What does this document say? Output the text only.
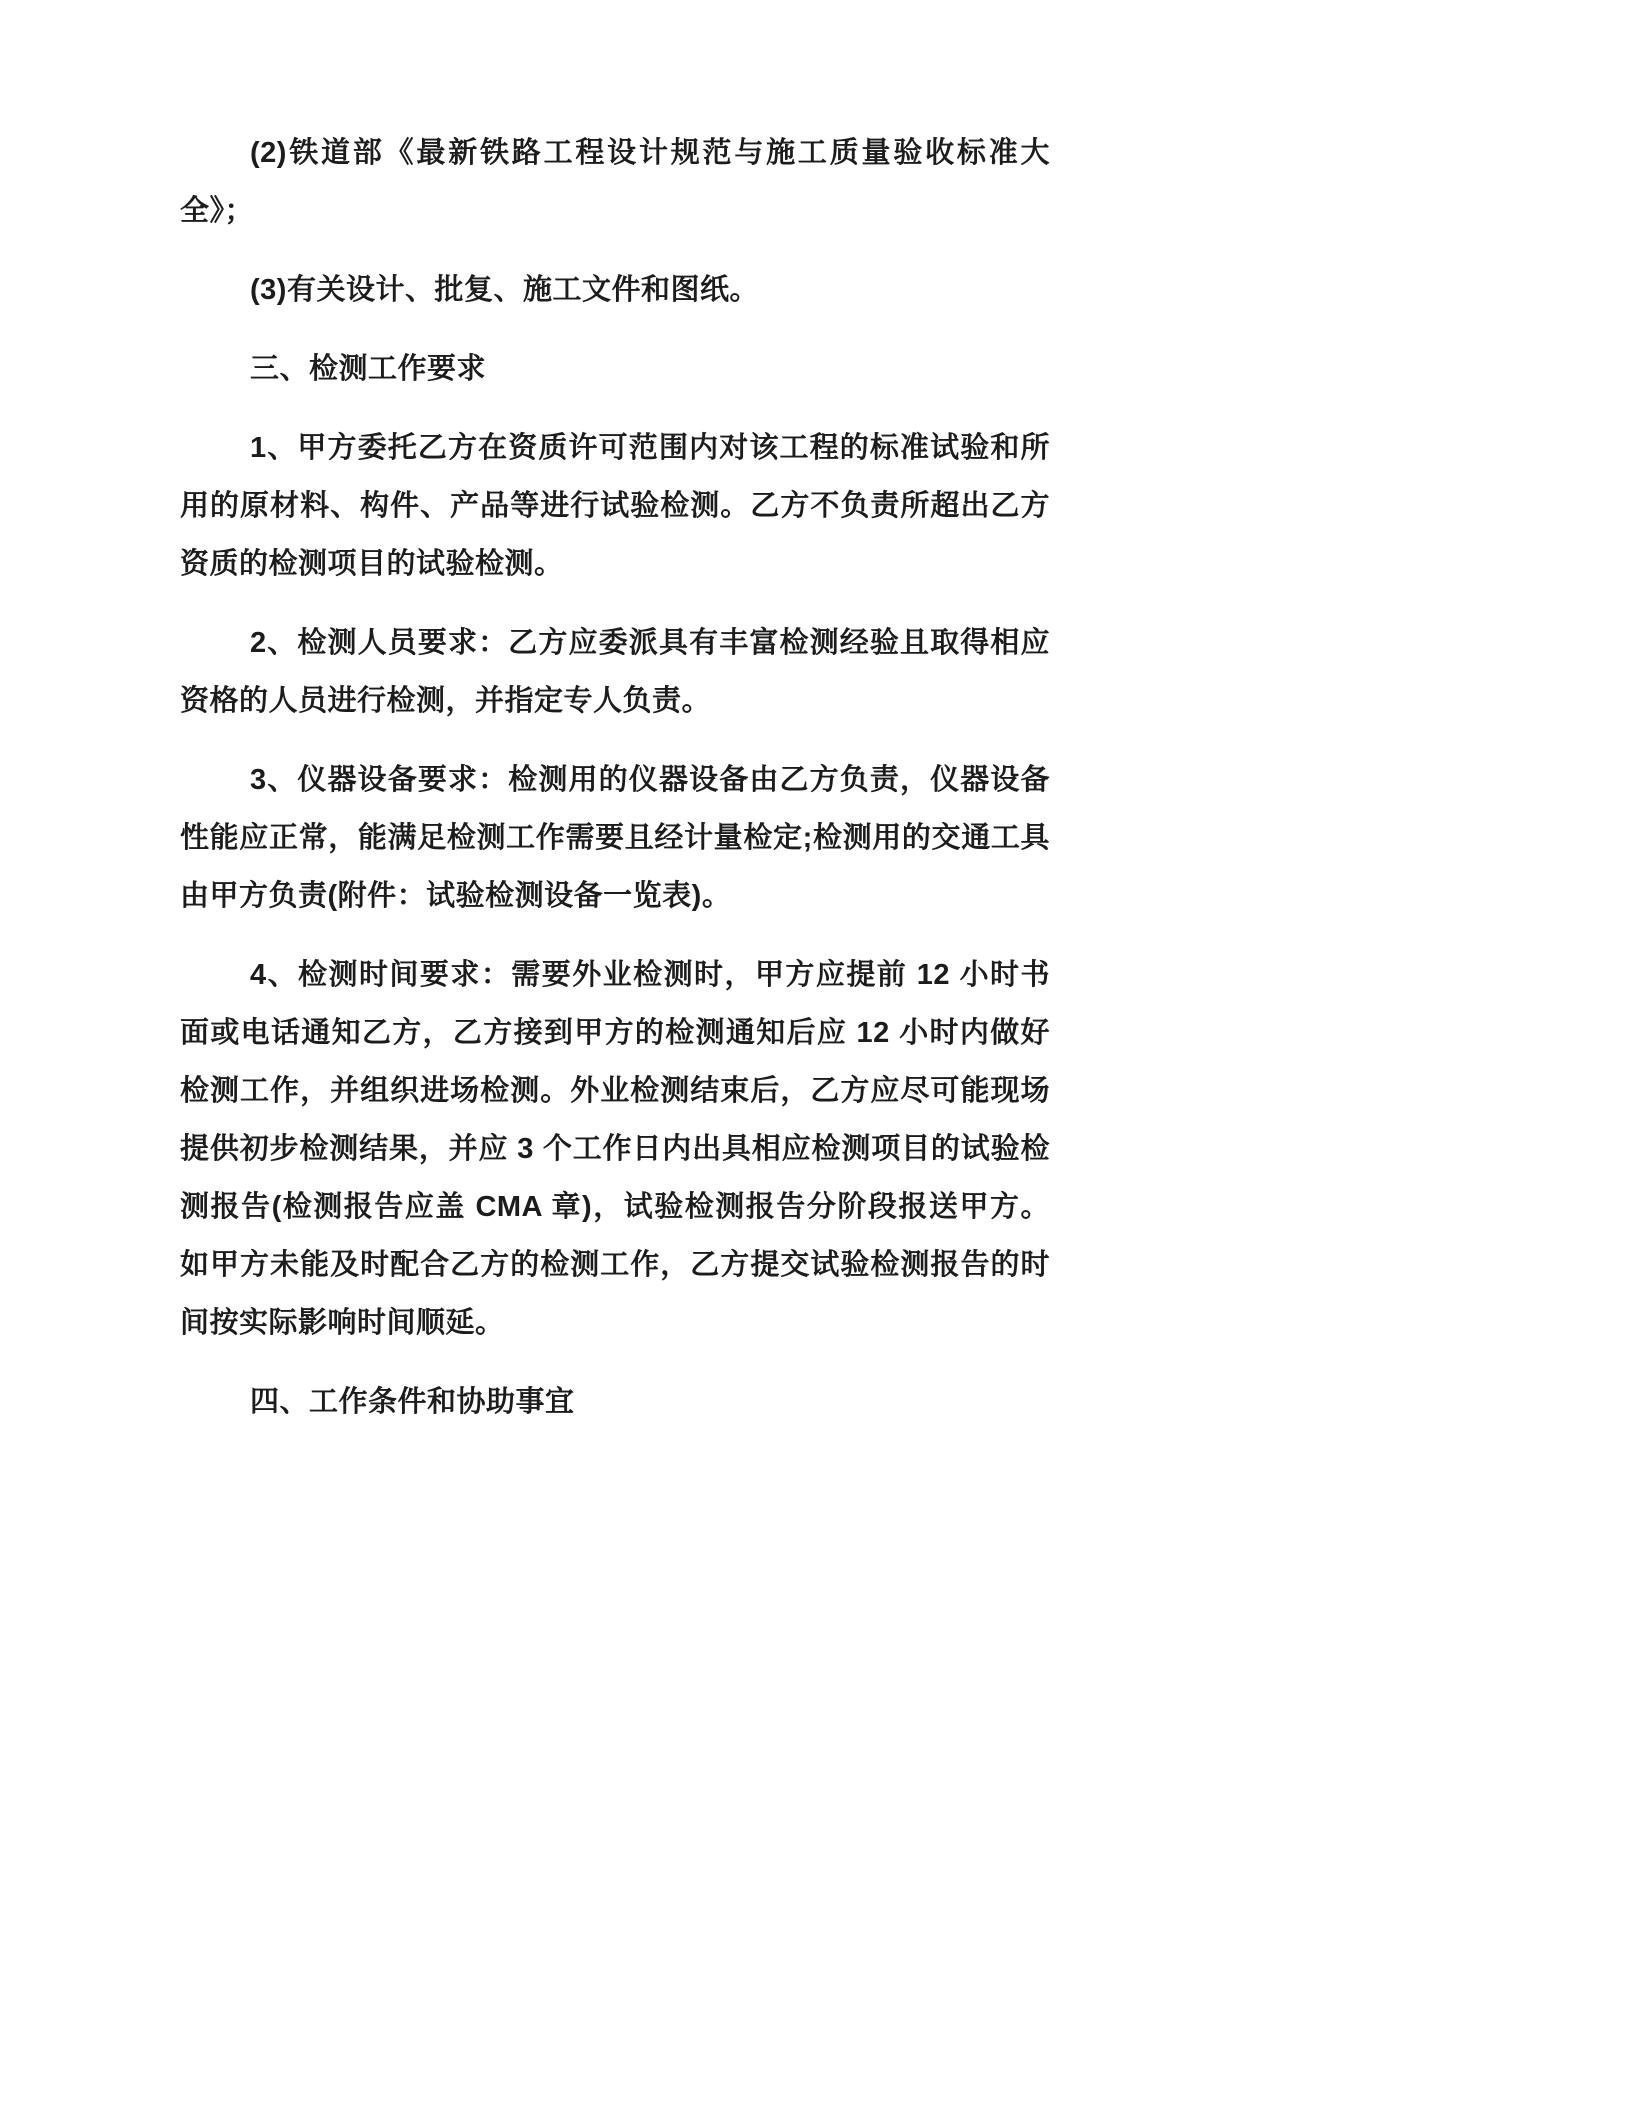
(2)铁道部《最新铁路工程设计规范与施工质量验收标准大全》；

(3)有关设计、批复、施工文件和图纸。

三、检测工作要求

1、甲方委托乙方在资质许可范围内对该工程的标准试验和所用的原材料、构件、产品等进行试验检测。乙方不负责所超出乙方资质的检测项目的试验检测。

2、检测人员要求：乙方应委派具有丰富检测经验且取得相应资格的人员进行检测，并指定专人负责。

3、仪器设备要求：检测用的仪器设备由乙方负责，仪器设备性能应正常，能满足检测工作需要且经计量检定;检测用的交通工具由甲方负责(附件：试验检测设备一览表)。

4、检测时间要求：需要外业检测时，甲方应提前 12 小时书面或电话通知乙方，乙方接到甲方的检测通知后应 12 小时内做好检测工作，并组织进场检测。外业检测结束后，乙方应尽可能现场提供初步检测结果，并应 3 个工作日内出具相应检测项目的试验检测报告(检测报告应盖 CMA 章)，试验检测报告分阶段报送甲方。如甲方未能及时配合乙方的检测工作，乙方提交试验检测报告的时间按实际影响时间顺延。

四、工作条件和协助事宜
